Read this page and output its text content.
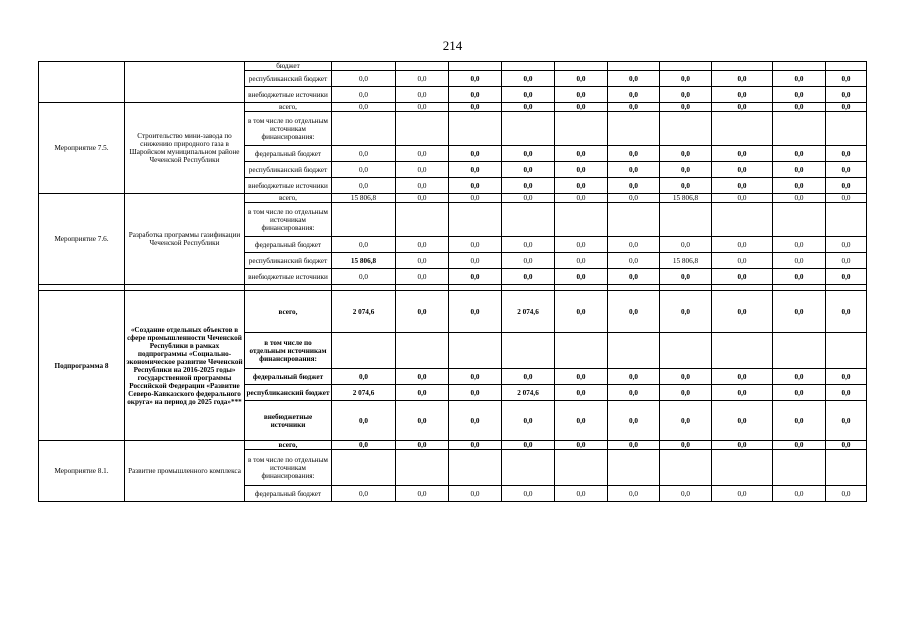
214
		бюджет										
		республиканский бюджет	0,0	0,0	0,0	0,0	0,0	0,0	0,0	0,0	0,0	0,0
		внебюджетные источники	0,0	0,0	0,0	0,0	0,0	0,0	0,0	0,0	0,0	0,0
Мероприятие 7.5.	Строительство мини-завода по снижению природного газа в Шаройском муниципальном районе Чеченской Республики	всего,	0,0	0,0	0,0	0,0	0,0	0,0	0,0	0,0	0,0	0,0
		в том числе по отдельным источникам финансирования:										
		федеральный бюджет	0,0	0,0	0,0	0,0	0,0	0,0	0,0	0,0	0,0	0,0
		республиканский бюджет	0,0	0,0	0,0	0,0	0,0	0,0	0,0	0,0	0,0	0,0
		внебюджетные источники	0,0	0,0	0,0	0,0	0,0	0,0	0,0	0,0	0,0	0,0
Мероприятие 7.6.	Разработка программы газификации Чеченской Республики	всего,	15 806,8	0,0	0,0	0,0	0,0	0,0	15 806,8	0,0	0,0	0,0
		в том числе по отдельным источникам финансирования:										
		федеральный бюджет	0,0	0,0	0,0	0,0	0,0	0,0	0,0	0,0	0,0	0,0
		республиканский бюджет	15 806,8	0,0	0,0	0,0	0,0	0,0	15 806,8	0,0	0,0	0,0
		внебюджетные источники	0,0	0,0	0,0	0,0	0,0	0,0	0,0	0,0	0,0	0,0

Подпрограмма 8	«Создание отдельных объектов в сфере промышленности Чеченской Республики в рамках подпрограммы «Социально-экономическое развитие Чеченской Республики на 2016-2025 годы» государственной программы Российской Федерации «Развитие Северо-Кавказского федерального округа» на период до 2025 года»***	всего,	2 074,6	0,0	0,0	2 074,6	0,0	0,0	0,0	0,0	0,0	0,0
		в том числе по отдельным источникам финансирования:										
		федеральный бюджет	0,0	0,0	0,0	0,0	0,0	0,0	0,0	0,0	0,0	0,0
		республиканский бюджет	2 074,6	0,0	0,0	2 074,6	0,0	0,0	0,0	0,0	0,0	0,0
		внебюджетные источники	0,0	0,0	0,0	0,0	0,0	0,0	0,0	0,0	0,0	0,0
Мероприятие 8.1.	Развитие промышленного комплекса	всего,	0,0	0,0	0,0	0,0	0,0	0,0	0,0	0,0	0,0	0,0
		в том числе по отдельным источникам финансирования:										
		федеральный бюджет	0,0	0,0	0,0	0,0	0,0	0,0	0,0	0,0	0,0	0,0
